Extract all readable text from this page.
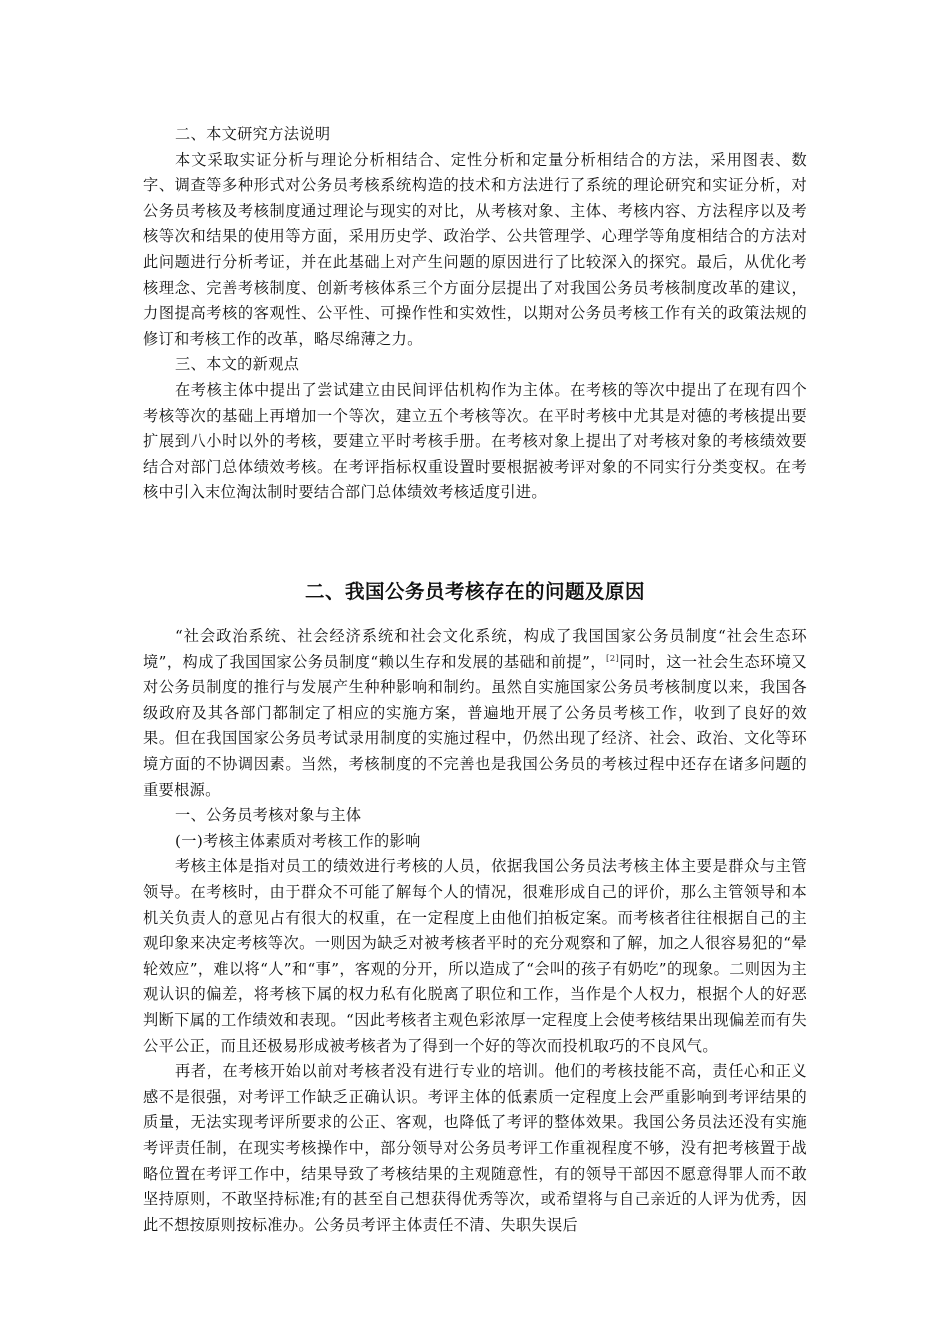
二、本文研究方法说明

本文采取实证分析与理论分析相结合、定性分析和定量分析相结合的方法，采用图表、数字、调查等多种形式对公务员考核系统构造的技术和方法进行了系统的理论研究和实证分析，对公务员考核及考核制度通过理论与现实的对比，从考核对象、主体、考核内容、方法程序以及考核等次和结果的使用等方面，采用历史学、政治学、公共管理学、心理学等角度相结合的方法对此问题进行分析考证，并在此基础上对产生问题的原因进行了比较深入的探究。最后，从优化考核理念、完善考核制度、创新考核体系三个方面分层提出了对我国公务员考核制度改革的建议，力图提高考核的客观性、公平性、可操作性和实效性，以期对公务员考核工作有关的政策法规的修订和考核工作的改革，略尽绵薄之力。

三、本文的新观点

在考核主体中提出了尝试建立由民间评估机构作为主体。在考核的等次中提出了在现有四个考核等次的基础上再增加一个等次，建立五个考核等次。在平时考核中尤其是对德的考核提出要扩展到八小时以外的考核，要建立平时考核手册。在考核对象上提出了对考核对象的考核绩效要结合对部门总体绩效考核。在考评指标权重设置时要根据被考评对象的不同实行分类变权。在考核中引入末位淘汰制时要结合部门总体绩效考核适度引进。

二、我国公务员考核存在的问题及原因

“社会政治系统、社会经济系统和社会文化系统，构成了我国国家公务员制度“社会生态环境”，构成了我国国家公务员制度“赖以生存和发展的基础和前提”，[2]同时，这一社会生态环境又对公务员制度的推行与发展产生种种影响和制约。虽然自实施国家公务员考核制度以来，我国各级政府及其各部门都制定了相应的实施方案，普遍地开展了公务员考核工作，收到了良好的效果。但在我国国家公务员考试录用制度的实施过程中，仍然出现了经济、社会、政治、文化等环境方面的不协调因素。当然，考核制度的不完善也是我国公务员的考核过程中还存在诸多问题的重要根源。

一、公务员考核对象与主体

(一)考核主体素质对考核工作的影响

考核主体是指对员工的绩效进行考核的人员，依据我国公务员法考核主体主要是群众与主管领导。在考核时，由于群众不可能了解每个人的情况，很难形成自己的评价，那么主管领导和本机关负责人的意见占有很大的权重，在一定程度上由他们拍板定案。而考核者往往根据自己的主观印象来决定考核等次。一则因为缺乏对被考核者平时的充分观察和了解，加之人很容易犯的“晕轮效应”，难以将“人”和“事”，客观的分开，所以造成了“会叫的孩子有奶吃”的现象。二则因为主观认识的偏差，将考核下属的权力私有化脱离了职位和工作，当作是个人权力，根据个人的好恶判断下属的工作绩效和表现。“因此考核者主观色彩浓厚一定程度上会使考核结果出现偏差而有失公平公正，而且还极易形成被考核者为了得到一个好的等次而投机取巧的不良风气。

再者，在考核开始以前对考核者没有进行专业的培训。他们的考核技能不高，责任心和正义感不是很强，对考评工作缺乏正确认识。考评主体的低素质一定程度上会严重影响到考评结果的质量，无法实现考评所要求的公正、客观，也降低了考评的整体效果。我国公务员法还没有实施考评责任制，在现实考核操作中，部分领导对公务员考评工作重视程度不够，没有把考核置于战略位置在考评工作中，结果导致了考核结果的主观随意性，有的领导干部因不愿意得罪人而不敢坚持原则，不敢坚持标准;有的甚至自己想获得优秀等次，或希望将与自己亲近的人评为优秀，因此不想按原则按标准办。公务员考评主体责任不清、失职失误后
